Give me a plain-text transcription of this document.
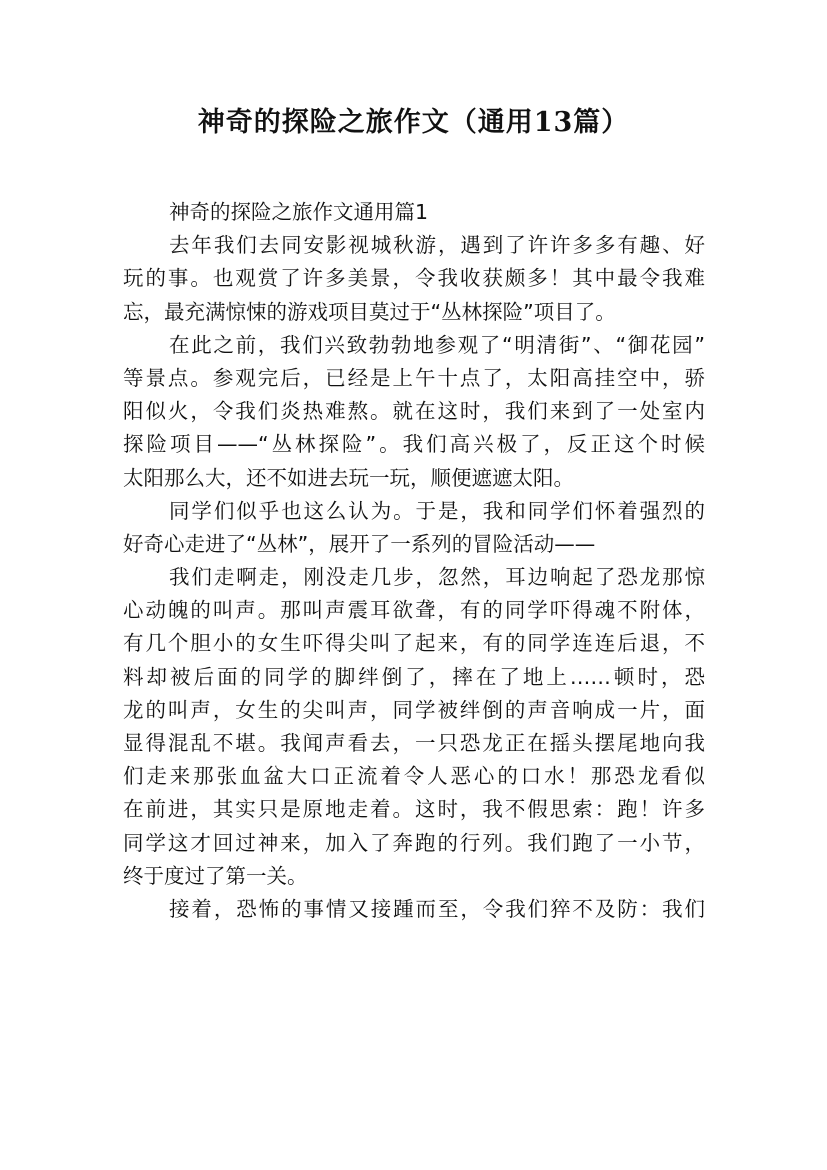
神奇的探险之旅作文（通用13篇）
神奇的探险之旅作文通用篇1
去年我们去同安影视城秋游，遇到了许许多多有趣、好
玩的事。也观赏了许多美景，令我收获颇多！其中最令我难
忘，最充满惊悚的游戏项目莫过于“丛林探险”项目了。
在此之前，我们兴致勃勃地参观了“明清街”、“御花园”
等景点。参观完后，已经是上午十点了，太阳高挂空中，骄
阳似火，令我们炎热难熬。就在这时，我们来到了一处室内
探险项目——“丛林探险”。我们高兴极了，反正这个时候
太阳那么大，还不如进去玩一玩，顺便遮遮太阳。
同学们似乎也这么认为。于是，我和同学们怀着强烈的
好奇心走进了“丛林”，展开了一系列的冒险活动——
我们走啊走，刚没走几步，忽然，耳边响起了恐龙那惊
心动魄的叫声。那叫声震耳欲聋，有的同学吓得魂不附体，
有几个胆小的女生吓得尖叫了起来，有的同学连连后退，不
料却被后面的同学的脚绊倒了，摔在了地上……顿时，恐
龙的叫声，女生的尖叫声，同学被绊倒的声音响成一片，面
显得混乱不堪。我闻声看去，一只恐龙正在摇头摆尾地向我
们走来那张血盆大口正流着令人恶心的口水！那恐龙看似
在前进，其实只是原地走着。这时，我不假思索：跑！许多
同学这才回过神来，加入了奔跑的行列。我们跑了一小节，
终于度过了第一关。
接着，恐怖的事情又接踵而至，令我们猝不及防：我们
